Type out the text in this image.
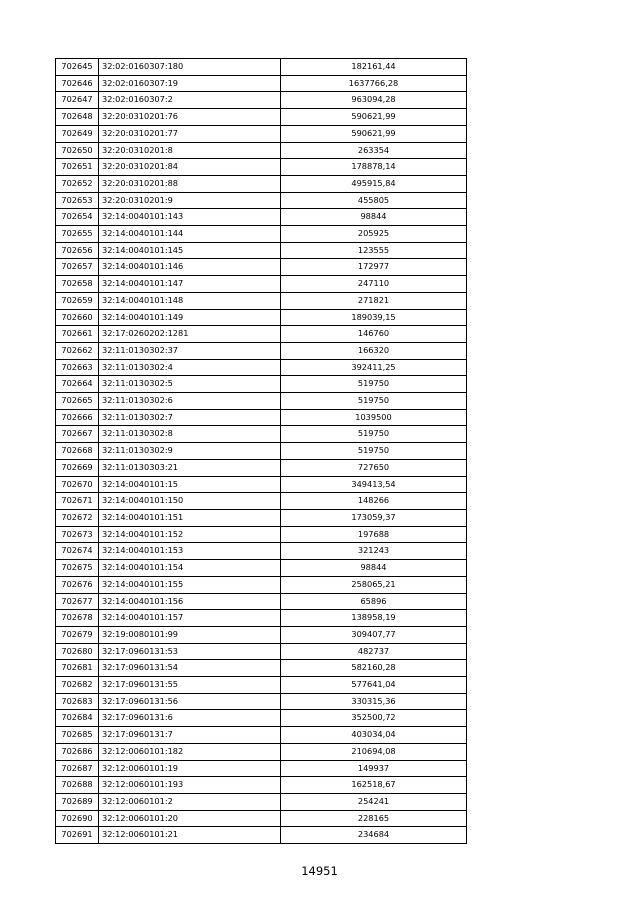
702645	32:02:0160307:180	182161,44
702646	32:02:0160307:19	1637766,28
702647	32:02:0160307:2	963094,28
702648	32:20:0310201:76	590621,99
702649	32:20:0310201:77	590621,99
702650	32:20:0310201:8	263354
702651	32:20:0310201:84	178878,14
702652	32:20:0310201:88	495915,84
702653	32:20:0310201:9	455805
702654	32:14:0040101:143	98844
702655	32:14:0040101:144	205925
702656	32:14:0040101:145	123555
702657	32:14:0040101:146	172977
702658	32:14:0040101:147	247110
702659	32:14:0040101:148	271821
702660	32:14:0040101:149	189039,15
702661	32:17:0260202:1281	146760
702662	32:11:0130302:37	166320
702663	32:11:0130302:4	392411,25
702664	32:11:0130302:5	519750
702665	32:11:0130302:6	519750
702666	32:11:0130302:7	1039500
702667	32:11:0130302:8	519750
702668	32:11:0130302:9	519750
702669	32:11:0130303:21	727650
702670	32:14:0040101:15	349413,54
702671	32:14:0040101:150	148266
702672	32:14:0040101:151	173059,37
702673	32:14:0040101:152	197688
702674	32:14:0040101:153	321243
702675	32:14:0040101:154	98844
702676	32:14:0040101:155	258065,21
702677	32:14:0040101:156	65896
702678	32:14:0040101:157	138958,19
702679	32:19:0080101:99	309407,77
702680	32:17:0960131:53	482737
702681	32:17:0960131:54	582160,28
702682	32:17:0960131:55	577641,04
702683	32:17:0960131:56	330315,36
702684	32:17:0960131:6	352500,72
702685	32:17:0960131:7	403034,04
702686	32:12:0060101:182	210694,08
702687	32:12:0060101:19	149937
702688	32:12:0060101:193	162518,67
702689	32:12:0060101:2	254241
702690	32:12:0060101:20	228165
702691	32:12:0060101:21	234684
14951
